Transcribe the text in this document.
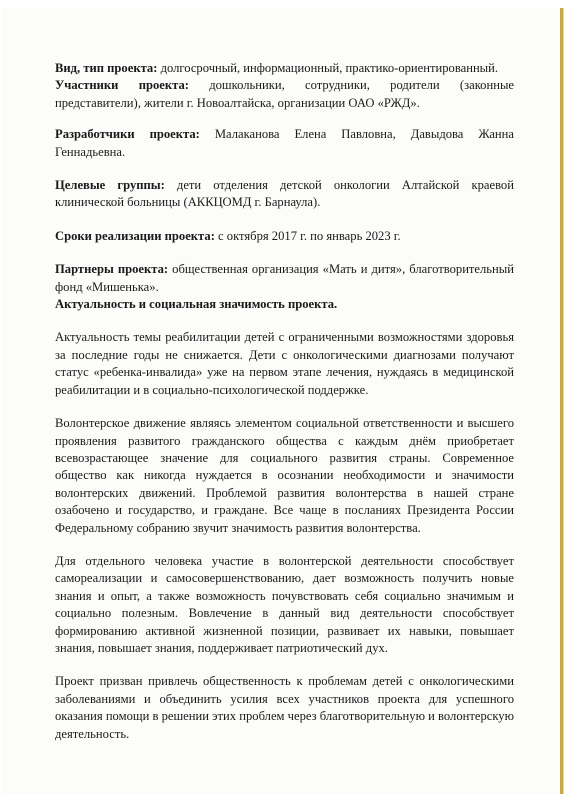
Вид, тип проекта: долгосрочный, информационный, практико-ориентированный.

Участники проекта: дошкольники, сотрудники, родители (законные представители), жители г. Новоалтайска, организации ОАО «РЖД».

Разработчики проекта: Малаканова Елена Павловна, Давыдова Жанна Геннадьевна.

Целевые группы: дети отделения детской онкологии Алтайской краевой клинической больницы (АККЦОМД г. Барнаула).

Сроки реализации проекта: с октября 2017 г. по январь 2023 г.

Партнеры проекта: общественная организация «Мать и дитя», благотворительный фонд «Мишенька».

Актуальность и социальная значимость проекта.

Актуальность темы реабилитации детей с ограниченными возможностями здоровья за последние годы не снижается. Дети с онкологическими диагнозами получают статус «ребенка-инвалида» уже на первом этапе лечения, нуждаясь в медицинской реабилитации и в социально-психологической поддержке.

Волонтерское движение являясь элементом социальной ответственности и высшего проявления развитого гражданского общества с каждым днём приобретает всевозрастающее значение для социального развития страны. Современное общество как никогда нуждается в осознании необходимости и значимости волонтерских движений. Проблемой развития волонтерства в нашей стране озабочено и государство, и граждане. Все чаще в посланиях Президента России Федеральному собранию звучит значимость развития волонтерства.

Для отдельного человека участие в волонтерской деятельности способствует самореализации и самосовершенствованию, дает возможность получить новые знания и опыт, а также возможность почувствовать себя социально значимым и социально полезным. Вовлечение в данный вид деятельности способствует формированию активной жизненной позиции, развивает их навыки, повышает знания, повышает знания, поддерживает патриотический дух.

Проект призван привлечь общественность к проблемам детей с онкологическими заболеваниями и объединить усилия всех участников проекта для успешного оказания помощи в решении этих проблем через благотворительную и волонтерскую деятельность.
